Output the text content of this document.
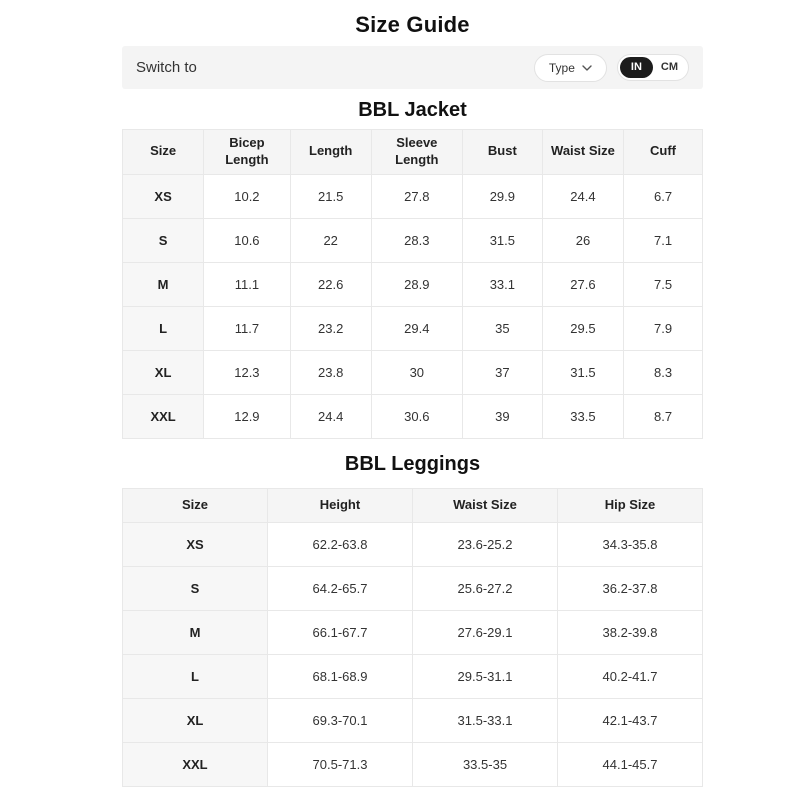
Size Guide
Switch to	Type	IN	CM
BBL Jacket
Size	Bicep Length	Length	Sleeve Length	Bust	Waist Size	Cuff
XS	10.2	21.5	27.8	29.9	24.4	6.7
S	10.6	22	28.3	31.5	26	7.1
M	11.1	22.6	28.9	33.1	27.6	7.5
L	11.7	23.2	29.4	35	29.5	7.9
XL	12.3	23.8	30	37	31.5	8.3
XXL	12.9	24.4	30.6	39	33.5	8.7
BBL Leggings
Size	Height	Waist Size	Hip Size
XS	62.2-63.8	23.6-25.2	34.3-35.8
S	64.2-65.7	25.6-27.2	36.2-37.8
M	66.1-67.7	27.6-29.1	38.2-39.8
L	68.1-68.9	29.5-31.1	40.2-41.7
XL	69.3-70.1	31.5-33.1	42.1-43.7
XXL	70.5-71.3	33.5-35	44.1-45.7
